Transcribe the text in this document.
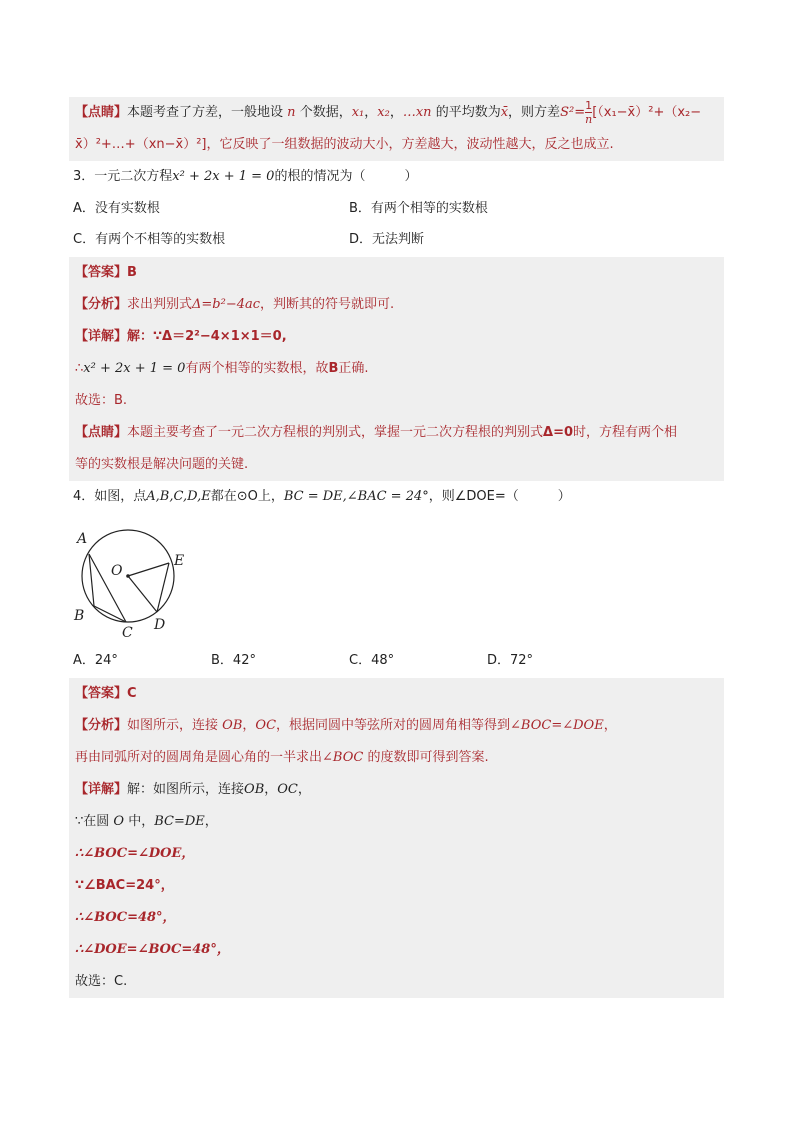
【点睛】本题考查了方差，一般地设 n 个数据，x₁，x₂，…xn 的平均数为x̄，则方差$S^2= \frac{1}{n}$ [（x₁−x̄）²+（x₂−
x̄）²+…+（xn−x̄）²]，它反映了一组数据的波动大小，方差越大，波动性越大，反之也成立.
3．一元二次方程x² + 2x + 1 = 0的根的情况为（　　　）
A．没有实数根	B．有两个相等的实数根
C．有两个不相等的实数根	D．无法判断
【答案】B
【分析】求出判别式Δ=b²−4ac，判断其的符号就即可.
【详解】解：∵Δ＝2²−4×1×1＝0,
∴x² + 2x + 1 = 0有两个相等的实数根，故B正确.
故选：B.
【点睛】本题主要考查了一元二次方程根的判别式，掌握一元二次方程根的判别式Δ=0时，方程有两个相
等的实数根是解决问题的关键.
4．如图，点A,B,C,D,E都在⊙O上，BC = DE,∠BAC = 24°，则∠DOE=（　　　）
A
B
C D
E
O
A．24°	B．42°	C．48°	D．72°
【答案】C
【分析】如图所示，连接 OB，OC，根据同圆中等弦所对的圆周角相等得到∠BOC=∠DOE，
再由同弧所对的圆周角是圆心角的一半求出∠BOC 的度数即可得到答案.
【详解】解：如图所示，连接OB，OC，
∵在圆 O 中，BC=DE，
∴∠BOC=∠DOE，
∵∠BAC=24°，
∴∠BOC=48°，
∴∠DOE=∠BOC=48°，
故选：C.
